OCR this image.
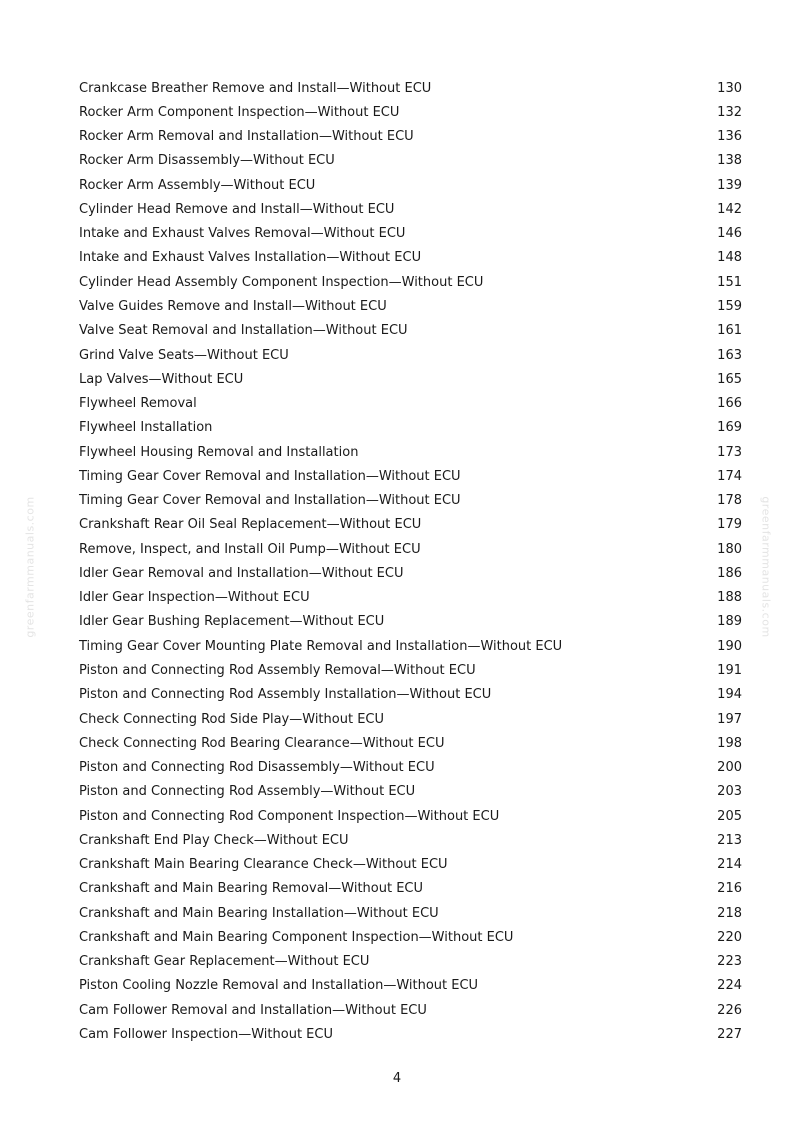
greenfarmmanuals.com	greenfarmmanuals.com
Crankcase Breather Remove and Install—Without ECU	130
Rocker Arm Component Inspection—Without ECU	132
Rocker Arm Removal and Installation—Without ECU	136
Rocker Arm Disassembly—Without ECU	138
Rocker Arm Assembly—Without ECU	139
Cylinder Head Remove and Install—Without ECU	142
Intake and Exhaust Valves Removal—Without ECU	146
Intake and Exhaust Valves Installation—Without ECU	148
Cylinder Head Assembly Component Inspection—Without ECU	151
Valve Guides Remove and Install—Without ECU	159
Valve Seat Removal and Installation—Without ECU	161
Grind Valve Seats—Without ECU	163
Lap Valves—Without ECU	165
Flywheel Removal	166
Flywheel Installation	169
Flywheel Housing Removal and Installation	173
Timing Gear Cover Removal and Installation—Without ECU	174
Timing Gear Cover Removal and Installation—Without ECU	178
Crankshaft Rear Oil Seal Replacement—Without ECU	179
Remove, Inspect, and Install Oil Pump—Without ECU	180
Idler Gear Removal and Installation—Without ECU	186
Idler Gear Inspection—Without ECU	188
Idler Gear Bushing Replacement—Without ECU	189
Timing Gear Cover Mounting Plate Removal and Installation—Without ECU	190
Piston and Connecting Rod Assembly Removal—Without ECU	191
Piston and Connecting Rod Assembly Installation—Without ECU	194
Check Connecting Rod Side Play—Without ECU	197
Check Connecting Rod Bearing Clearance—Without ECU	198
Piston and Connecting Rod Disassembly—Without ECU	200
Piston and Connecting Rod Assembly—Without ECU	203
Piston and Connecting Rod Component Inspection—Without ECU	205
Crankshaft End Play Check—Without ECU	213
Crankshaft Main Bearing Clearance Check—Without ECU	214
Crankshaft and Main Bearing Removal—Without ECU	216
Crankshaft and Main Bearing Installation—Without ECU	218
Crankshaft and Main Bearing Component Inspection—Without ECU	220
Crankshaft Gear Replacement—Without ECU	223
Piston Cooling Nozzle Removal and Installation—Without ECU	224
Cam Follower Removal and Installation—Without ECU	226
Cam Follower Inspection—Without ECU	227
4
